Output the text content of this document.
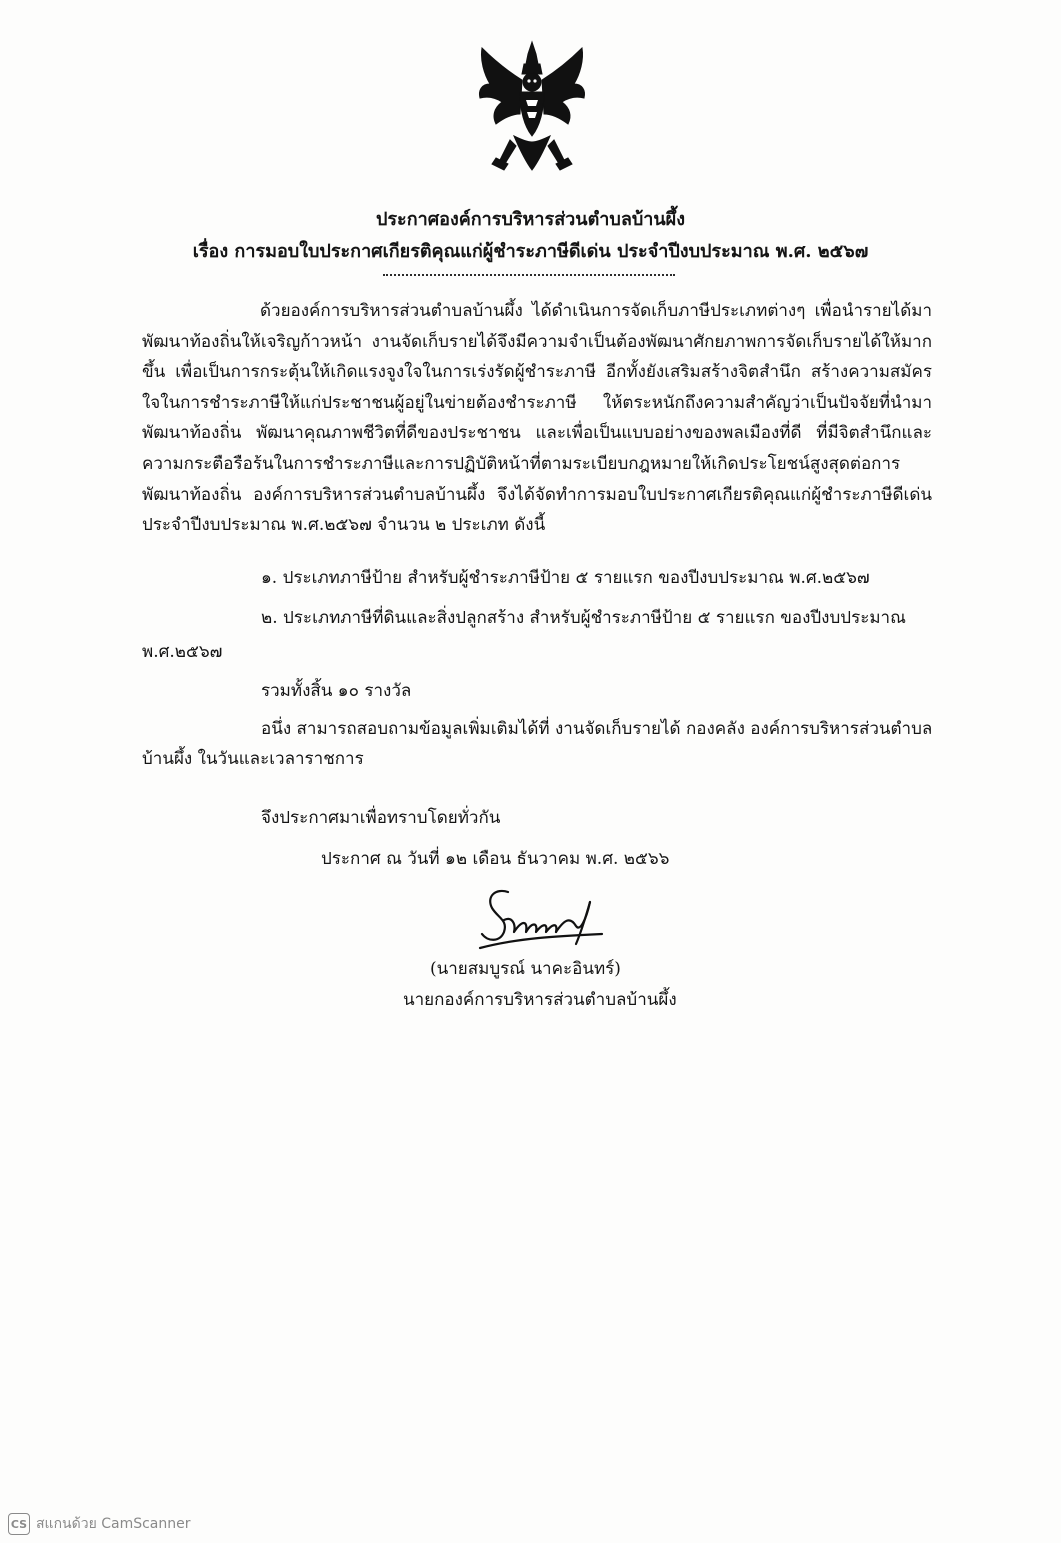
ประกาศองค์การบริหารส่วนตำบลบ้านผึ้ง
เรื่อง การมอบใบประกาศเกียรติคุณแก่ผู้ชำระภาษีดีเด่น ประจำปีงบประมาณ พ.ศ. ๒๕๖๗

ด้วยองค์การบริหารส่วนตำบลบ้านผึ้ง ได้ดำเนินการจัดเก็บภาษีประเภทต่างๆ เพื่อนำรายได้มาพัฒนาท้องถิ่นให้เจริญก้าวหน้า งานจัดเก็บรายได้จึงมีความจำเป็นต้องพัฒนาศักยภาพการจัดเก็บรายได้ให้มากขึ้น เพื่อเป็นการกระตุ้นให้เกิดแรงจูงใจในการเร่งรัดผู้ชำระภาษี อีกทั้งยังเสริมสร้างจิตสำนึก สร้างความสมัครใจในการชำระภาษีให้แก่ประชาชนผู้อยู่ในข่ายต้องชำระภาษี ให้ตระหนักถึงความสำคัญว่าเป็นปัจจัยที่นำมาพัฒนาท้องถิ่น พัฒนาคุณภาพชีวิตที่ดีของประชาชน และเพื่อเป็นแบบอย่างของพลเมืองที่ดี ที่มีจิตสำนึกและความกระตือรือร้นในการชำระภาษีและการปฏิบัติหน้าที่ตามระเบียบกฎหมายให้เกิดประโยชน์สูงสุดต่อการพัฒนาท้องถิ่น องค์การบริหารส่วนตำบลบ้านผึ้ง จึงได้จัดทำการมอบใบประกาศเกียรติคุณแก่ผู้ชำระภาษีดีเด่น ประจำปีงบประมาณ พ.ศ.๒๕๖๗ จำนวน ๒ ประเภท ดังนี้

๑. ประเภทภาษีป้าย สำหรับผู้ชำระภาษีป้าย ๕ รายแรก ของปีงบประมาณ พ.ศ.๒๕๖๗

๒. ประเภทภาษีที่ดินและสิ่งปลูกสร้าง สำหรับผู้ชำระภาษีป้าย ๕ รายแรก ของปีงบประมาณ

พ.ศ.๒๕๖๗

รวมทั้งสิ้น ๑๐ รางวัล

อนึ่ง สามารถสอบถามข้อมูลเพิ่มเติมได้ที่ งานจัดเก็บรายได้ กองคลัง องค์การบริหารส่วนตำบล

บ้านผึ้ง ในวันและเวลาราชการ

จึงประกาศมาเพื่อทราบโดยทั่วกัน

ประกาศ ณ วันที่ ๑๒ เดือน ธันวาคม พ.ศ. ๒๕๖๖

(นายสมบูรณ์ นาคะอินทร์)

นายกองค์การบริหารส่วนตำบลบ้านผึ้ง

CS สแกนด้วย CamScanner
